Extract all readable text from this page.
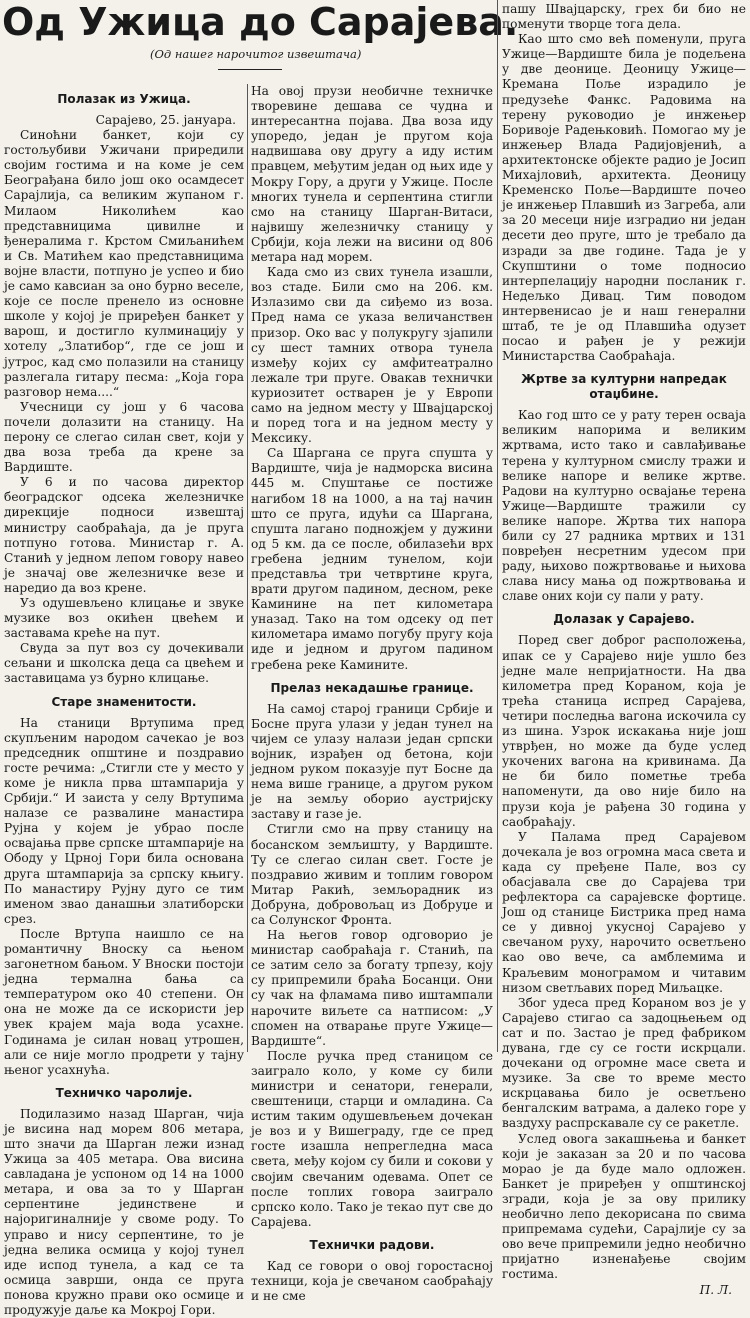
Од Ужица до Сараjева.
(Од нашег нарочитог извештача)
Полазак из Ужица.

Сарајево, 25. јануара.

Синоћни банкет, који су гостољубиви Ужичани приредили својим гостима и на коме је сем Београђана било још око осамдесет Сарајлија, са великим жупаном г. Милаoм Николићем као представницима цивилне и ђенералима г. Крстом Смиљанићем и Св. Матићем као представницима војне власти, потпуно је успео и био је само кавсиан за оно бурно веселе, које се после пренело из основне школе у којој је приређен банкет у варош, и достигло кулминацију у хотелу „Златибор“, где се још и јутрос, кад смо полазили на станицу разлегала гитару песма: „Која гора разговор нема....“

Учесници су још у 6 часова почели долазити на станицу. На перону се слегао силан свет, који у два воза треба да крене за Вардиште.

У 6 и по часова директор београдског одсека железничке дирекције подноси извештај министру саобраћаја, да је пруга потпуно готова. Министар г. А. Станић у једном лепом говору навео је значај ове железничке везе и наредио да воз крене.

Уз одушевљено клицање и звуке музике воз окићен цвећем и заставама креће на пут.

Свуда за пут воз су дочекивали сељани и школска деца са цвећем и заставицама уз бурно клицање.

Старе знаменитости.

На станици Вртупима пред скупљеним народом сачекао је воз председник општине и поздравио госте речима: „Стигли сте у место у коме је никла прва штампарија у Србији.“ И заиста у селу Вртупима налазе се развалине манастира Рујна у којем је убрао после освајања прве српске штампарије на Ободу у Црној Гори била основана друга штампарија за српску књигу. По манастиру Рујну дуго се тим именом звао данашњи златиборски срез.

После Вртупа наишло се на романтичну Вноску са њеном загонетном бањом. У Вноски постоји једна термална бања са температуром око 40 степени. Он она не може да се искористи јер увек крајем маја вода усахне. Годинама је силан новац утрошен, али се није могло продрети у тајну њеног усахнућа.

Техничко чаролије.

Подилазимо назад Шарган, чија је висина над морем 806 метара, што значи да Шарган лежи изнад Ужица за 405 метара. Ова висина савладана је успоном од 14 на 1000 метара, и ова за то у Шарган серпентине јединствене и најоригиналније у своме роду. То управо и нису серпентине, то је једна велика осмица у којој тунел иде испод тунела, а кад се та осмица заврши, онда се пруга понова кружно прави око осмице и продужује даље ка Мокрој Гори.

На овој прузи необичне техничке творевине дешава се чудна и интересантна појава. Два воза иду упоредо, један је пругом која надвишава ову другу а иду истим правцем, међутим један од њих иде у Мокру Гору, а други у Ужице. После многих тунела и серпентина стигли смо на станицу Шарган-Витаси, највишу железничку станицу у Србији, која лежи на висини од 806 метара над морем.

Када смо из свих тунела изашли, воз стаде. Били смо на 206. км. Излазимо сви да сиђемо из воза. Пред нама се указа величанствен призор. Око вас у полукругу зјапили су шест тамних отвора тунела између којих су амфитеатрално лежале три пруге. Овакав технички куриозитет остварен је у Европи само на једном месту у Швајцарској и поред тога и на једном месту у Мексику.

Са Шаргана се пруга спушта у Вардиште, чија је надморска висина 445 м. Спуштање се постиже нагибом 18 на 1000, а на тај начин што се пруга, идући са Шаргана, спушта лагано подножјем у дужини од 5 км. да се после, обилазећи врх гребена једним тунелом, који представља три четвртине круга, врати другом падином, десном, реке Каминине на пет километара уназад. Тако на том одсеку од пет километара имамо погубу пругу која иде и једном и другом падином гребена реке Камините.

Прелаз некадашње границе.

На самој старој граници Србије и Босне пруга улази у један тунел на чијем се улазу налази један српски војник, израђен од бетона, који једном руком показује пут Босне да нема више границе, а другом руком је на земљу оборио аустријску заставу и газе је.

Стигли смо на прву станицу на босанском земљишту, у Вардиште. Ту се слегао силан свет. Госте је поздравио живим и топлим говором Митар Ракић, земљорадник из Добруна, добровољац из Добруџе и са Солунског Фронта.

На његов говор одговорио је министар саобраћаја г. Станић, па се затим село за богату трпезу, коју су припремили браћа Босанци. Они су чак на фламама пиво иштампали нарочите виљете са натписом: „У спомен на отварање пруге Ужице—Вардиште“.

После ручка пред станицом се заиграло коло, у коме су били министри и сенатори, генерали, свештеници, старци и омладина. Са истим таким одушевљењем дочекан је воз и у Вишеграду, где се пред госте изашла непрегледна маса света, међу којом су били и сокови у својим свечаним одевама. Опет се после топлих говора заиграло српско коло. Тако је текао пут све до Сарајева.

Технички радови.

Кад се говори о овој горостасној техници, која је свечаном саобраћају и не сме

пашу Швајцарску, грех би био не поменути творце тога дела.

Као што смо већ поменули, пруга Ужице—Вардиште била је подељена у две деонице. Деоницу Ужице—Кремана Поље израдило је предузеће Фанкс. Радовима на терену руководио је инжењер Боривоје Радењковић. Помогао му је инжењер Влада Радијовјенић, а архитектонске објекте радио је Јосип Михајловић, архитекта. Деоницу Кременско Поље—Вардиште почео је инжењер Плавшић из Загреба, али за 20 месеци није изградио ни један десети део пруге, што је требало да изради за две године. Тада је у Скупштини о томе подносио интерпелацију народни посланик г. Недељко Дивац. Тим поводом интервенисао је и наш генерални штаб, те је од Плавшића одузет посао и рађен је у режији Министарства Саобраћаја.

Жртве за културни напредак отаџбине.

Као год што се у рату терен осваја великим напорима и великим жртвама, исто тако и савлађивање терена у културном смислу тражи и велике напоре и велике жртве. Радови на културно освајање терена Ужице—Вардиште тражили су велике напоре. Жртва тих напора били су 27 радника мртвих и 131 повређен несретним удесом при раду, њихово пожртвовање и њихова слава нису мања од пожртвовања и славе оних који су пали у рату.

Долазак у Сарајево.

Поред свег доброг расположења, ипак се у Сарајево није ушло без једне мале непријатности. На два километра пред Кораном, која је трећа станица испред Сарајева, четири последња вагона искочила су из шина. Узрок искакања није још утврђен, но може да буде услед укочених вагона на кривинама. Да не би било пометње треба напоменути, да ово није било на прузи која је рађена 30 година у саобраћају.

У Паламa пред Сарајевом дочекала је воз огромна маса света и када су пређене Пале, воз су обасјавала све до Сарајева три рефлектора са сарајевске фортице. Још од станице Бистрика пред нама се у дивној укусној Сарајево у свечаном руху, нарочито осветљено као ово вече, са амблемима и Краљевим монограмом и читавим низом светљавих поред Миљацке.

Због удеса пред Кораном воз је у Сарајево стигао са задоцњењем од сат и по. Застао је пред фабриком дувана, где су се гости искрцали. дочекани од огромне масе света и музике. За све то време место искрцавања било је осветљено бенгалским ватрама, а далеко горе у ваздуху распрскавале су се ракетле.

Услед овога закашњења и банкет који је заказан за 20 и по часова морао је да буде мало одложен. Банкет је приређен у општинској згради, која је за ову прилику необично лепо декорисана по свима припремама судећи, Сарајлије су за ово вече припремили једно необично пријатно изненађење својим гостима.

П. Л.
